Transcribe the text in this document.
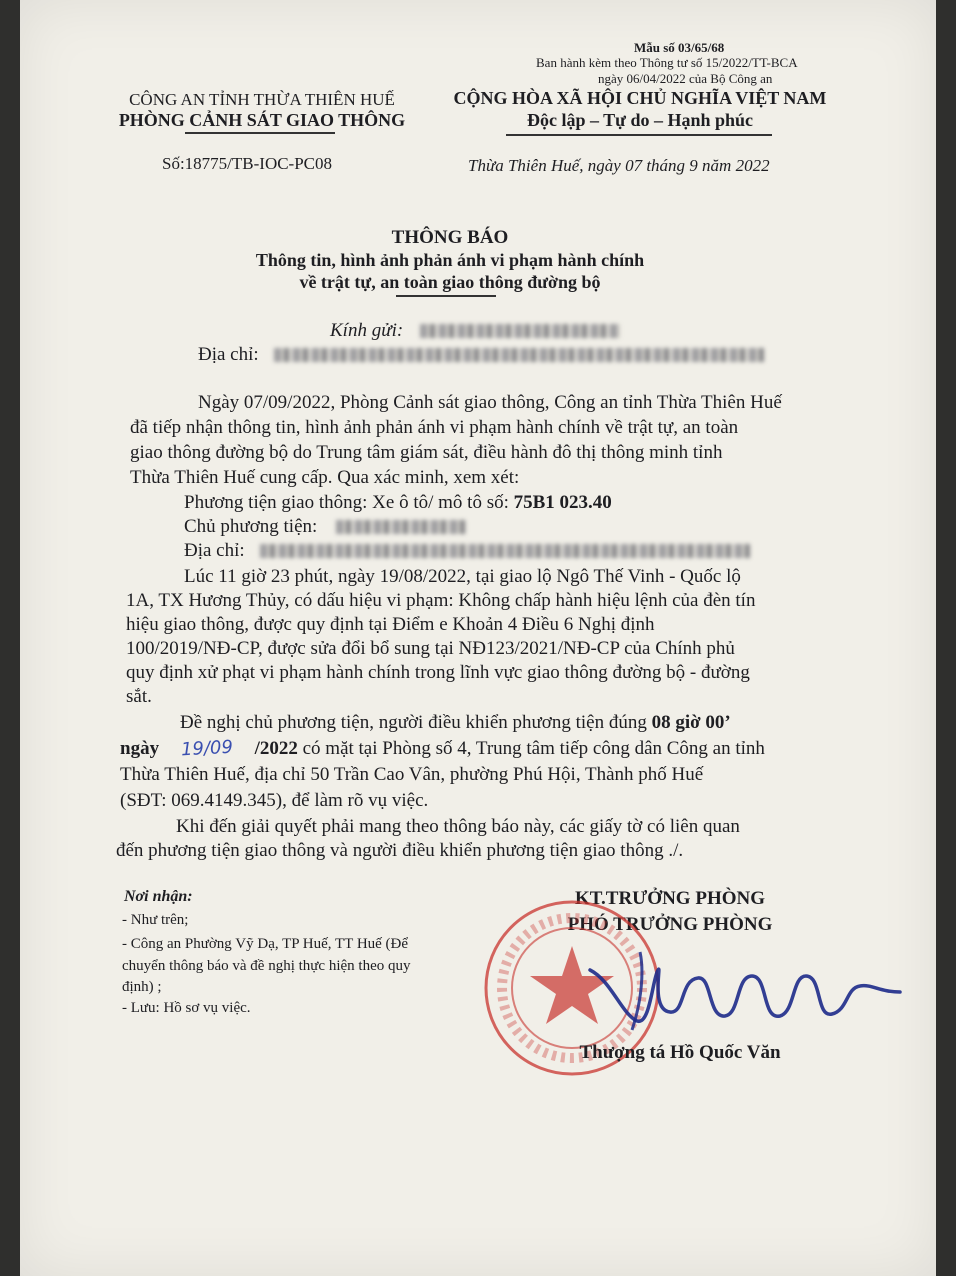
Mẫu số 03/65/68
Ban hành kèm theo Thông tư số 15/2022/TT-BCA
ngày 06/04/2022 của Bộ Công an
CÔNG AN TỈNH THỪA THIÊN HUẾ
PHÒNG CẢNH SÁT GIAO THÔNG
CỘNG HÒA XÃ HỘI CHỦ NGHĨA VIỆT NAM
Độc lập – Tự do – Hạnh phúc
Số:18775/TB-IOC-PC08	Thừa Thiên Huế, ngày 07 tháng 9 năm 2022
THÔNG BÁO
Thông tin, hình ảnh phản ánh vi phạm hành chính
về trật tự, an toàn giao thông đường bộ
Kính gửi:
Địa chỉ:
Ngày 07/09/2022, Phòng Cảnh sát giao thông, Công an tỉnh Thừa Thiên Huế
đã tiếp nhận thông tin, hình ảnh phản ánh vi phạm hành chính về trật tự, an toàn
giao thông đường bộ do Trung tâm giám sát, điều hành đô thị thông minh tỉnh
Thừa Thiên Huế cung cấp. Qua xác minh, xem xét:
Phương tiện giao thông: Xe ô tô/ mô tô số: 75B1 023.40
Chủ phương tiện:
Địa chỉ:
Lúc 11 giờ 23 phút, ngày 19/08/2022, tại giao lộ Ngô Thế Vinh - Quốc lộ
1A, TX Hương Thủy, có dấu hiệu vi phạm: Không chấp hành hiệu lệnh của đèn tín
hiệu giao thông, được quy định tại Điểm e Khoản 4 Điều 6 Nghị định
100/2019/NĐ-CP, được sửa đổi bổ sung tại NĐ123/2021/NĐ-CP của Chính phủ
quy định xử phạt vi phạm hành chính trong lĩnh vực giao thông đường bộ - đường
sắt.
Đề nghị chủ phương tiện, người điều khiển phương tiện đúng 08 giờ 00’
ngày 19/09 /2022 có mặt tại Phòng số 4, Trung tâm tiếp công dân Công an tỉnh
Thừa Thiên Huế, địa chỉ 50 Trần Cao Vân, phường Phú Hội, Thành phố Huế
(SĐT: 069.4149.345), để làm rõ vụ việc.
Khi đến giải quyết phải mang theo thông báo này, các giấy tờ có liên quan
đến phương tiện giao thông và người điều khiển phương tiện giao thông ./.
Nơi nhận:
- Như trên;
- Công an Phường Vỹ Dạ, TP Huế, TT Huế (Để
chuyển thông báo và đề nghị thực hiện theo quy
định) ;
- Lưu: Hồ sơ vụ việc.
KT.TRƯỞNG PHÒNG
PHÓ TRƯỞNG PHÒNG
Thượng tá Hồ Quốc Văn
